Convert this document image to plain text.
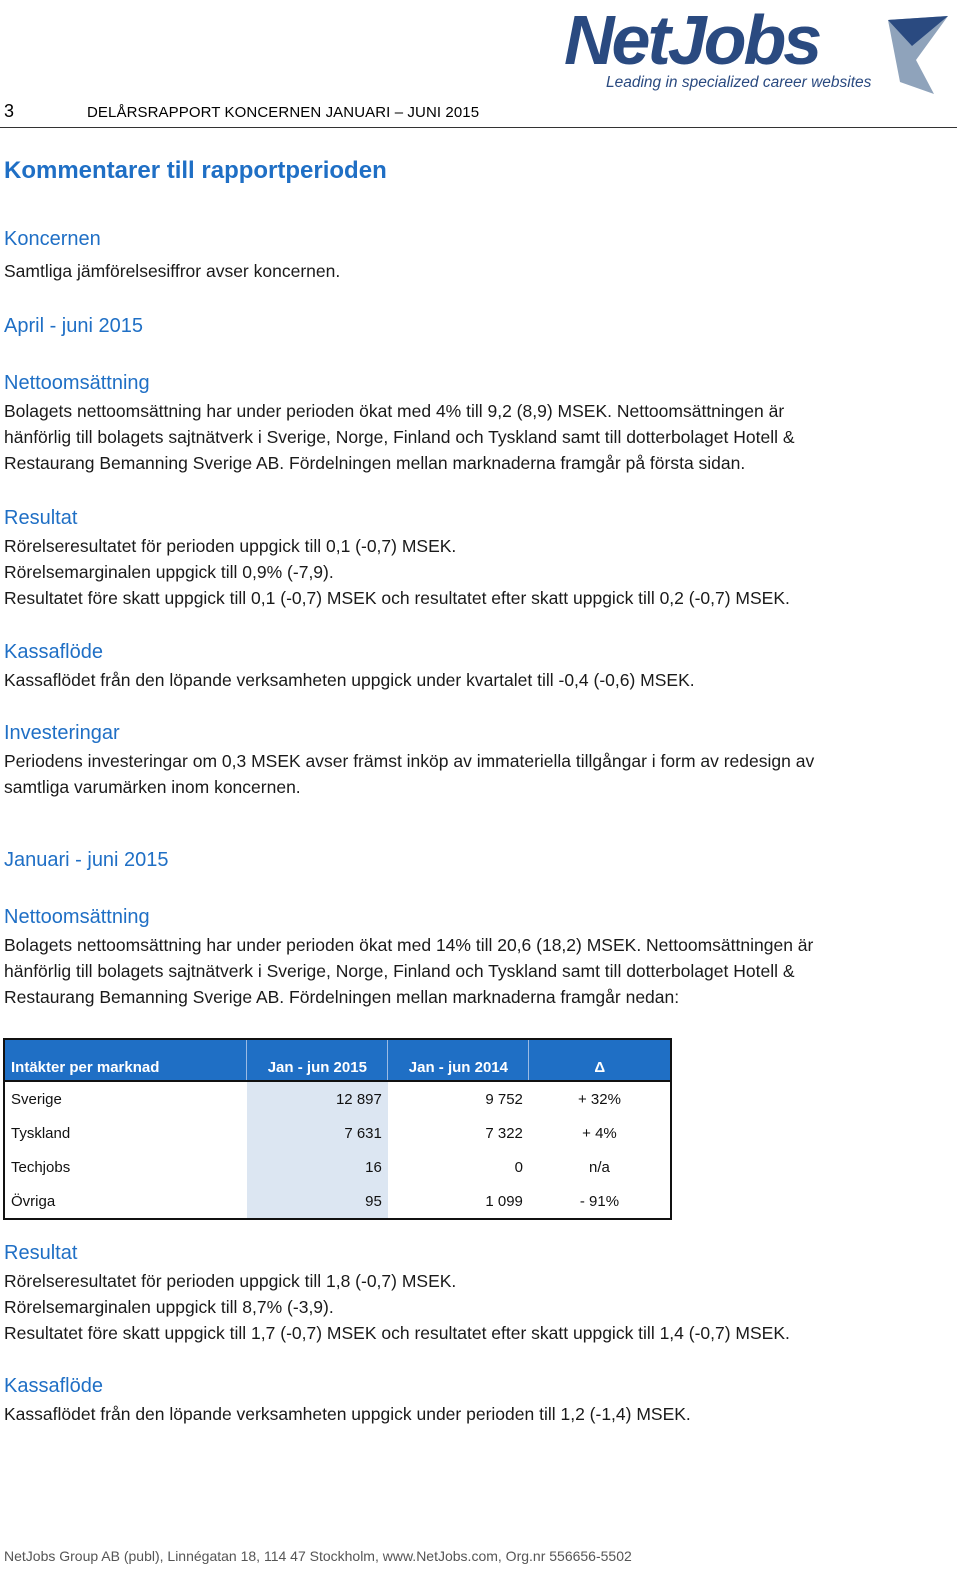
NetJobs
Leading in specialized career websites
3	DELÅRSRAPPORT KONCERNEN JANUARI – JUNI 2015
Kommentarer till rapportperioden
Koncernen
Samtliga jämförelsesiffror avser koncernen.
April - juni 2015
Nettoomsättning
Bolagets nettoomsättning har under perioden ökat med 4% till 9,2 (8,9) MSEK. Nettoomsättningen är
hänförlig till bolagets sajtnätverk i Sverige, Norge, Finland och Tyskland samt till dotterbolaget Hotell &
Restaurang Bemanning Sverige AB. Fördelningen mellan marknaderna framgår på första sidan.
Resultat
Rörelseresultatet för perioden uppgick till 0,1 (-0,7) MSEK.
Rörelsemarginalen uppgick till 0,9% (-7,9).
Resultatet före skatt uppgick till 0,1 (-0,7) MSEK och resultatet efter skatt uppgick till 0,2 (-0,7) MSEK.
Kassaflöde
Kassaflödet från den löpande verksamheten uppgick under kvartalet till -0,4 (-0,6) MSEK.
Investeringar
Periodens investeringar om 0,3 MSEK avser främst inköp av immateriella tillgångar i form av redesign av
samtliga varumärken inom koncernen.
Januari - juni 2015
Nettoomsättning
Bolagets nettoomsättning har under perioden ökat med 14% till 20,6 (18,2) MSEK. Nettoomsättningen är
hänförlig till bolagets sajtnätverk i Sverige, Norge, Finland och Tyskland samt till dotterbolaget Hotell &
Restaurang Bemanning Sverige AB. Fördelningen mellan marknaderna framgår nedan:
Intäkter per marknad	Jan - jun 2015	Jan - jun 2014	Δ
Sverige	12 897	9 752	+ 32%
Tyskland	7 631	7 322	+ 4%
Techjobs	16	0	n/a
Övriga	95	1 099	- 91%
Resultat
Rörelseresultatet för perioden uppgick till 1,8 (-0,7) MSEK.
Rörelsemarginalen uppgick till 8,7% (-3,9).
Resultatet före skatt uppgick till 1,7 (-0,7) MSEK och resultatet efter skatt uppgick till 1,4 (-0,7) MSEK.
Kassaflöde
Kassaflödet från den löpande verksamheten uppgick under perioden till 1,2 (-1,4) MSEK.
NetJobs Group AB (publ), Linnégatan 18, 114 47 Stockholm, www.NetJobs.com, Org.nr 556656-5502
